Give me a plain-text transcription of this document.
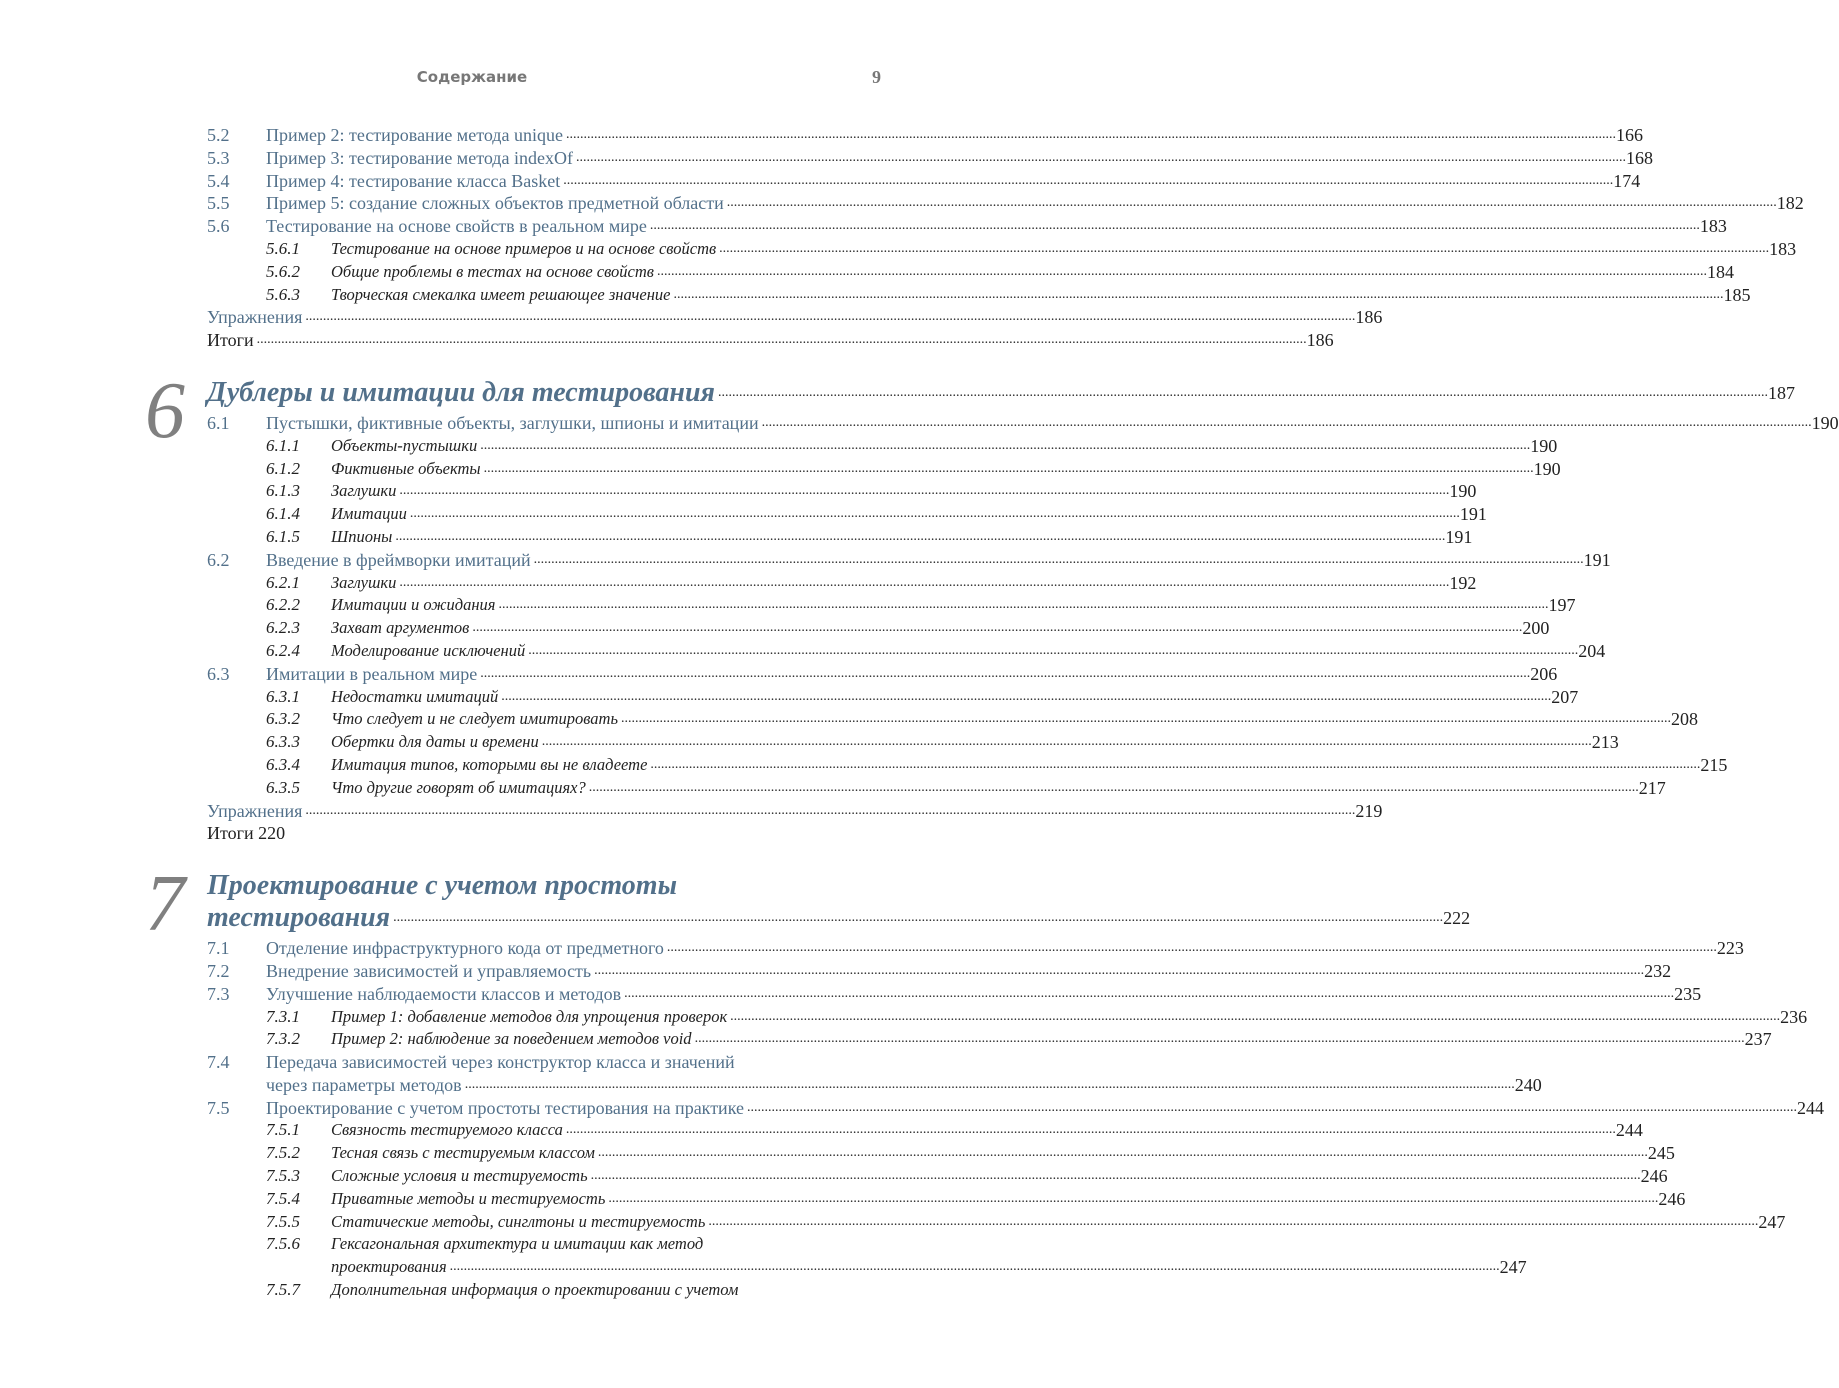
Содержание	9
5.2	Пример 2: тестирование метода unique ............................................................................................................................................................................................................................................................................................................ 166
5.3	Пример 3: тестирование метода indexOf ............................................................................................................................................................................................................................................................................................................ 168
5.4	Пример 4: тестирование класса Basket ............................................................................................................................................................................................................................................................................................................ 174
5.5	Пример 5: создание сложных объектов предметной области ............................................................................................................................................................................................................................................................................................................ 182
5.6	Тестирование на основе свойств в реальном мире ............................................................................................................................................................................................................................................................................................................ 183
5.6.1	Тестирование на основе примеров и на основе свойств ............................................................................................................................................................................................................................................................................................................ 183
5.6.2	Общие проблемы в тестах на основе свойств ............................................................................................................................................................................................................................................................................................................ 184
5.6.3	Творческая смекалка имеет решающее значение ............................................................................................................................................................................................................................................................................................................ 185
Упражнения ............................................................................................................................................................................................................................................................................................................ 186
Итоги ............................................................................................................................................................................................................................................................................................................ 186
6 Дублеры и имитации для тестирования ............................................................................................................................................................................................................................................................................................................ 187
6.1	Пустышки, фиктивные объекты, заглушки, шпионы и имитации ............................................................................................................................................................................................................................................................................................................ 190
6.1.1	Объекты-пустышки ............................................................................................................................................................................................................................................................................................................ 190
6.1.2	Фиктивные объекты ............................................................................................................................................................................................................................................................................................................ 190
6.1.3	Заглушки ............................................................................................................................................................................................................................................................................................................ 190
6.1.4	Имитации ............................................................................................................................................................................................................................................................................................................ 191
6.1.5	Шпионы ............................................................................................................................................................................................................................................................................................................ 191
6.2	Введение в фреймворки имитаций ............................................................................................................................................................................................................................................................................................................ 191
6.2.1	Заглушки ............................................................................................................................................................................................................................................................................................................ 192
6.2.2	Имитации и ожидания ............................................................................................................................................................................................................................................................................................................ 197
6.2.3	Захват аргументов ............................................................................................................................................................................................................................................................................................................ 200
6.2.4	Моделирование исключений ............................................................................................................................................................................................................................................................................................................ 204
6.3	Имитации в реальном мире ............................................................................................................................................................................................................................................................................................................ 206
6.3.1	Недостатки имитаций ............................................................................................................................................................................................................................................................................................................ 207
6.3.2	Что следует и не следует имитировать ............................................................................................................................................................................................................................................................................................................ 208
6.3.3	Обертки для даты и времени ............................................................................................................................................................................................................................................................................................................ 213
6.3.4	Имитация типов, которыми вы не владеете ............................................................................................................................................................................................................................................................................................................ 215
6.3.5	Что другие говорят об имитациях? ............................................................................................................................................................................................................................................................................................................ 217
Упражнения ............................................................................................................................................................................................................................................................................................................ 219
Итоги 220
7 Проектирование с учетом простоты
тестирования ............................................................................................................................................................................................................................................................................................................ 222
7.1	Отделение инфраструктурного кода от предметного ............................................................................................................................................................................................................................................................................................................ 223
7.2	Внедрение зависимостей и управляемость ............................................................................................................................................................................................................................................................................................................ 232
7.3	Улучшение наблюдаемости классов и методов ............................................................................................................................................................................................................................................................................................................ 235
7.3.1	Пример 1: добавление методов для упрощения проверок ............................................................................................................................................................................................................................................................................................................ 236
7.3.2	Пример 2: наблюдение за поведением методов void ............................................................................................................................................................................................................................................................................................................ 237
7.4	Передача зависимостей через конструктор класса и значений
через параметры методов ............................................................................................................................................................................................................................................................................................................ 240
7.5	Проектирование с учетом простоты тестирования на практике ............................................................................................................................................................................................................................................................................................................ 244
7.5.1	Связность тестируемого класса ............................................................................................................................................................................................................................................................................................................ 244
7.5.2	Тесная связь с тестируемым классом ............................................................................................................................................................................................................................................................................................................ 245
7.5.3	Сложные условия и тестируемость ............................................................................................................................................................................................................................................................................................................ 246
7.5.4	Приватные методы и тестируемость ............................................................................................................................................................................................................................................................................................................ 246
7.5.5	Статические методы, синглтоны и тестируемость ............................................................................................................................................................................................................................................................................................................ 247
7.5.6	Гексагональная архитектура и имитации как метод
проектирования ............................................................................................................................................................................................................................................................................................................ 247
7.5.7	Дополнительная информация о проектировании с учетом
